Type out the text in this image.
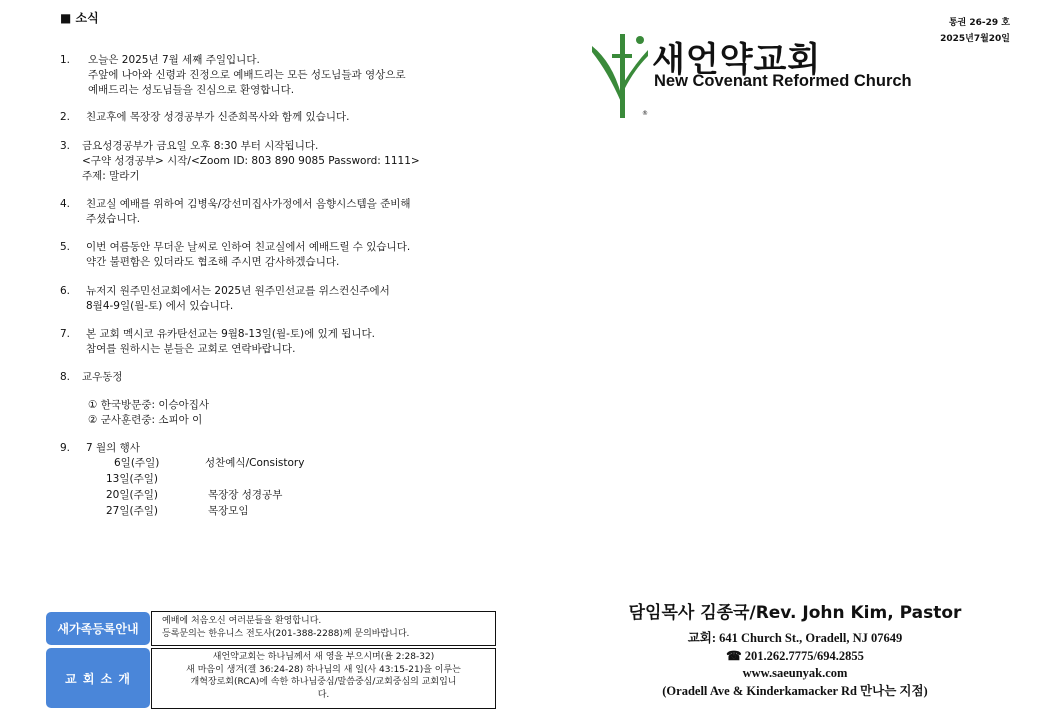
■ 소식	통권 26-29 호
2025년7월20일
새언약교회
New Covenant Reformed Church
®
1.	오늘은 2025년 7월 세째 주일입니다.
주앞에 나아와 신령과 진정으로 예배드리는 모든 성도님들과 영상으로
예배드리는 성도님들을 진심으로 환영합니다.
2.	친교후에 목장장 성경공부가 신준희목사와 함께 있습니다.
3.	금요성경공부가 금요일 오후 8:30 부터 시작됩니다.
<구약 성경공부> 시작/<Zoom ID: 803 890 9085 Password: 1111>
주제: 말라기
4.	친교실 예배를 위하여 김병욱/강선미집사가정에서 음향시스템을 준비해
주셨습니다.
5.	이번 여름동안 무더운 날씨로 인하여 친교실에서 예배드릴 수 있습니다.
약간 불편함은 있더라도 협조해 주시면 감사하겠습니다.
6.	뉴저지 원주민선교회에서는 2025년 원주민선교를 위스컨신주에서
8월4-9일(월-토) 에서 있습니다.
7.	본 교회 멕시코 유카탄선교는 9월8-13일(월-토)에 있게 됩니다.
참여를 원하시는 분들은 교회로 연락바랍니다.
8.	교우동정
① 한국방문중: 이승아집사
② 군사훈련중: 소피아 이
9.	7 월의 행사
6일(주일)	성찬예식/Consistory
13일(주일)
20일(주일)	목장장 성경공부
27일(주일)	목장모임
담임목사 김종국/Rev. John Kim, Pastor
교회: 641 Church St., Oradell, NJ 07649
☎ 201.262.7775/694.2855
www.saeunyak.com
(Oradell Ave & Kinderkamacker Rd 만나는 지점)
새가족등록안내
예배에 처음오신 여러분들을 환영합니다.
등록문의는 한유니스 전도사(201-388-2288)께 문의바랍니다.
교 회 소 개
새언약교회는 하나님께서 새 영을 부으시며(욜 2:28-32)
새 마음이 생겨(겔 36:24-28) 하나님의 새 일(사 43:15-21)을 이루는
개혁장로회(RCA)에 속한 하나님중심/말씀중심/교회중심의 교회입니
다.
